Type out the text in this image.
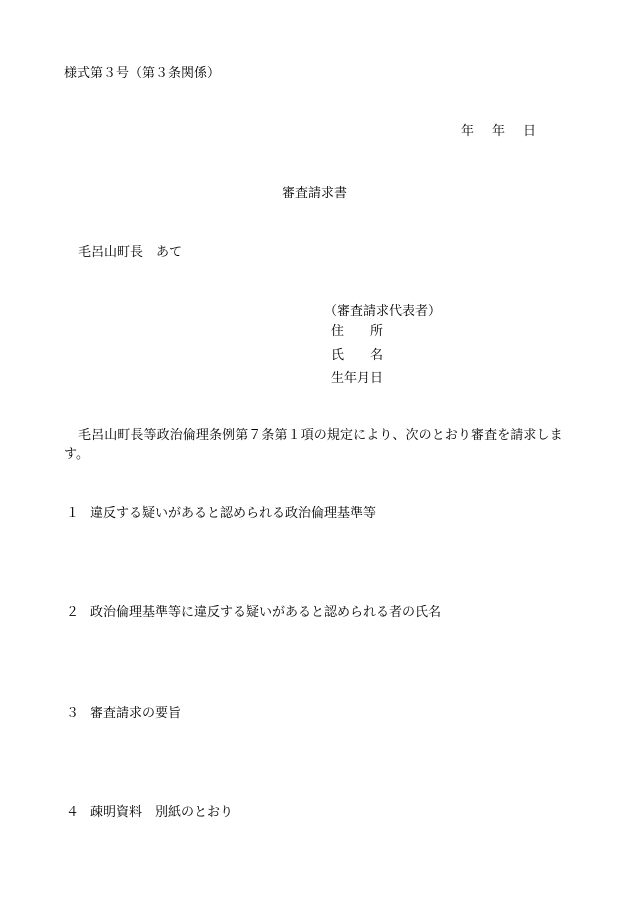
様式第３号（第３条関係）
年 年 日
審査請求書
毛呂山町長 あて
（審査請求代表者）
住 所
氏 名
生年月日
毛呂山町長等政治倫理条例第７条第１項の規定により、次のとおり審査を請求します。
１ 違反する疑いがあると認められる政治倫理基準等
２ 政治倫理基準等に違反する疑いがあると認められる者の氏名
３ 審査請求の要旨
４ 疎明資料 別紙のとおり
